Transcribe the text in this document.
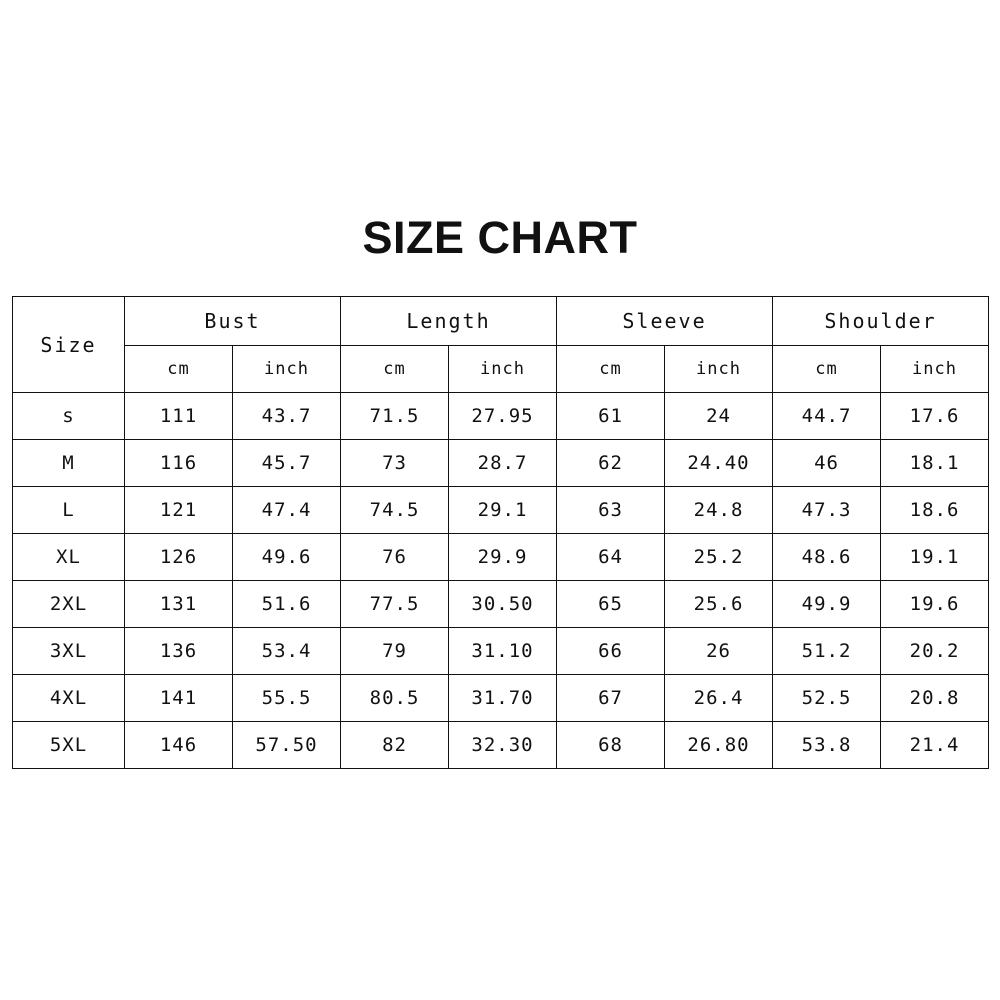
SIZE CHART
Size	Bust		Length		Sleeve		Shoulder	
	cm	inch	cm	inch	cm	inch	cm	inch
s	111	43.7	71.5	27.95	61	24	44.7	17.6
M	116	45.7	73	28.7	62	24.40	46	18.1
L	121	47.4	74.5	29.1	63	24.8	47.3	18.6
XL	126	49.6	76	29.9	64	25.2	48.6	19.1
2XL	131	51.6	77.5	30.50	65	25.6	49.9	19.6
3XL	136	53.4	79	31.10	66	26	51.2	20.2
4XL	141	55.5	80.5	31.70	67	26.4	52.5	20.8
5XL	146	57.50	82	32.30	68	26.80	53.8	21.4
